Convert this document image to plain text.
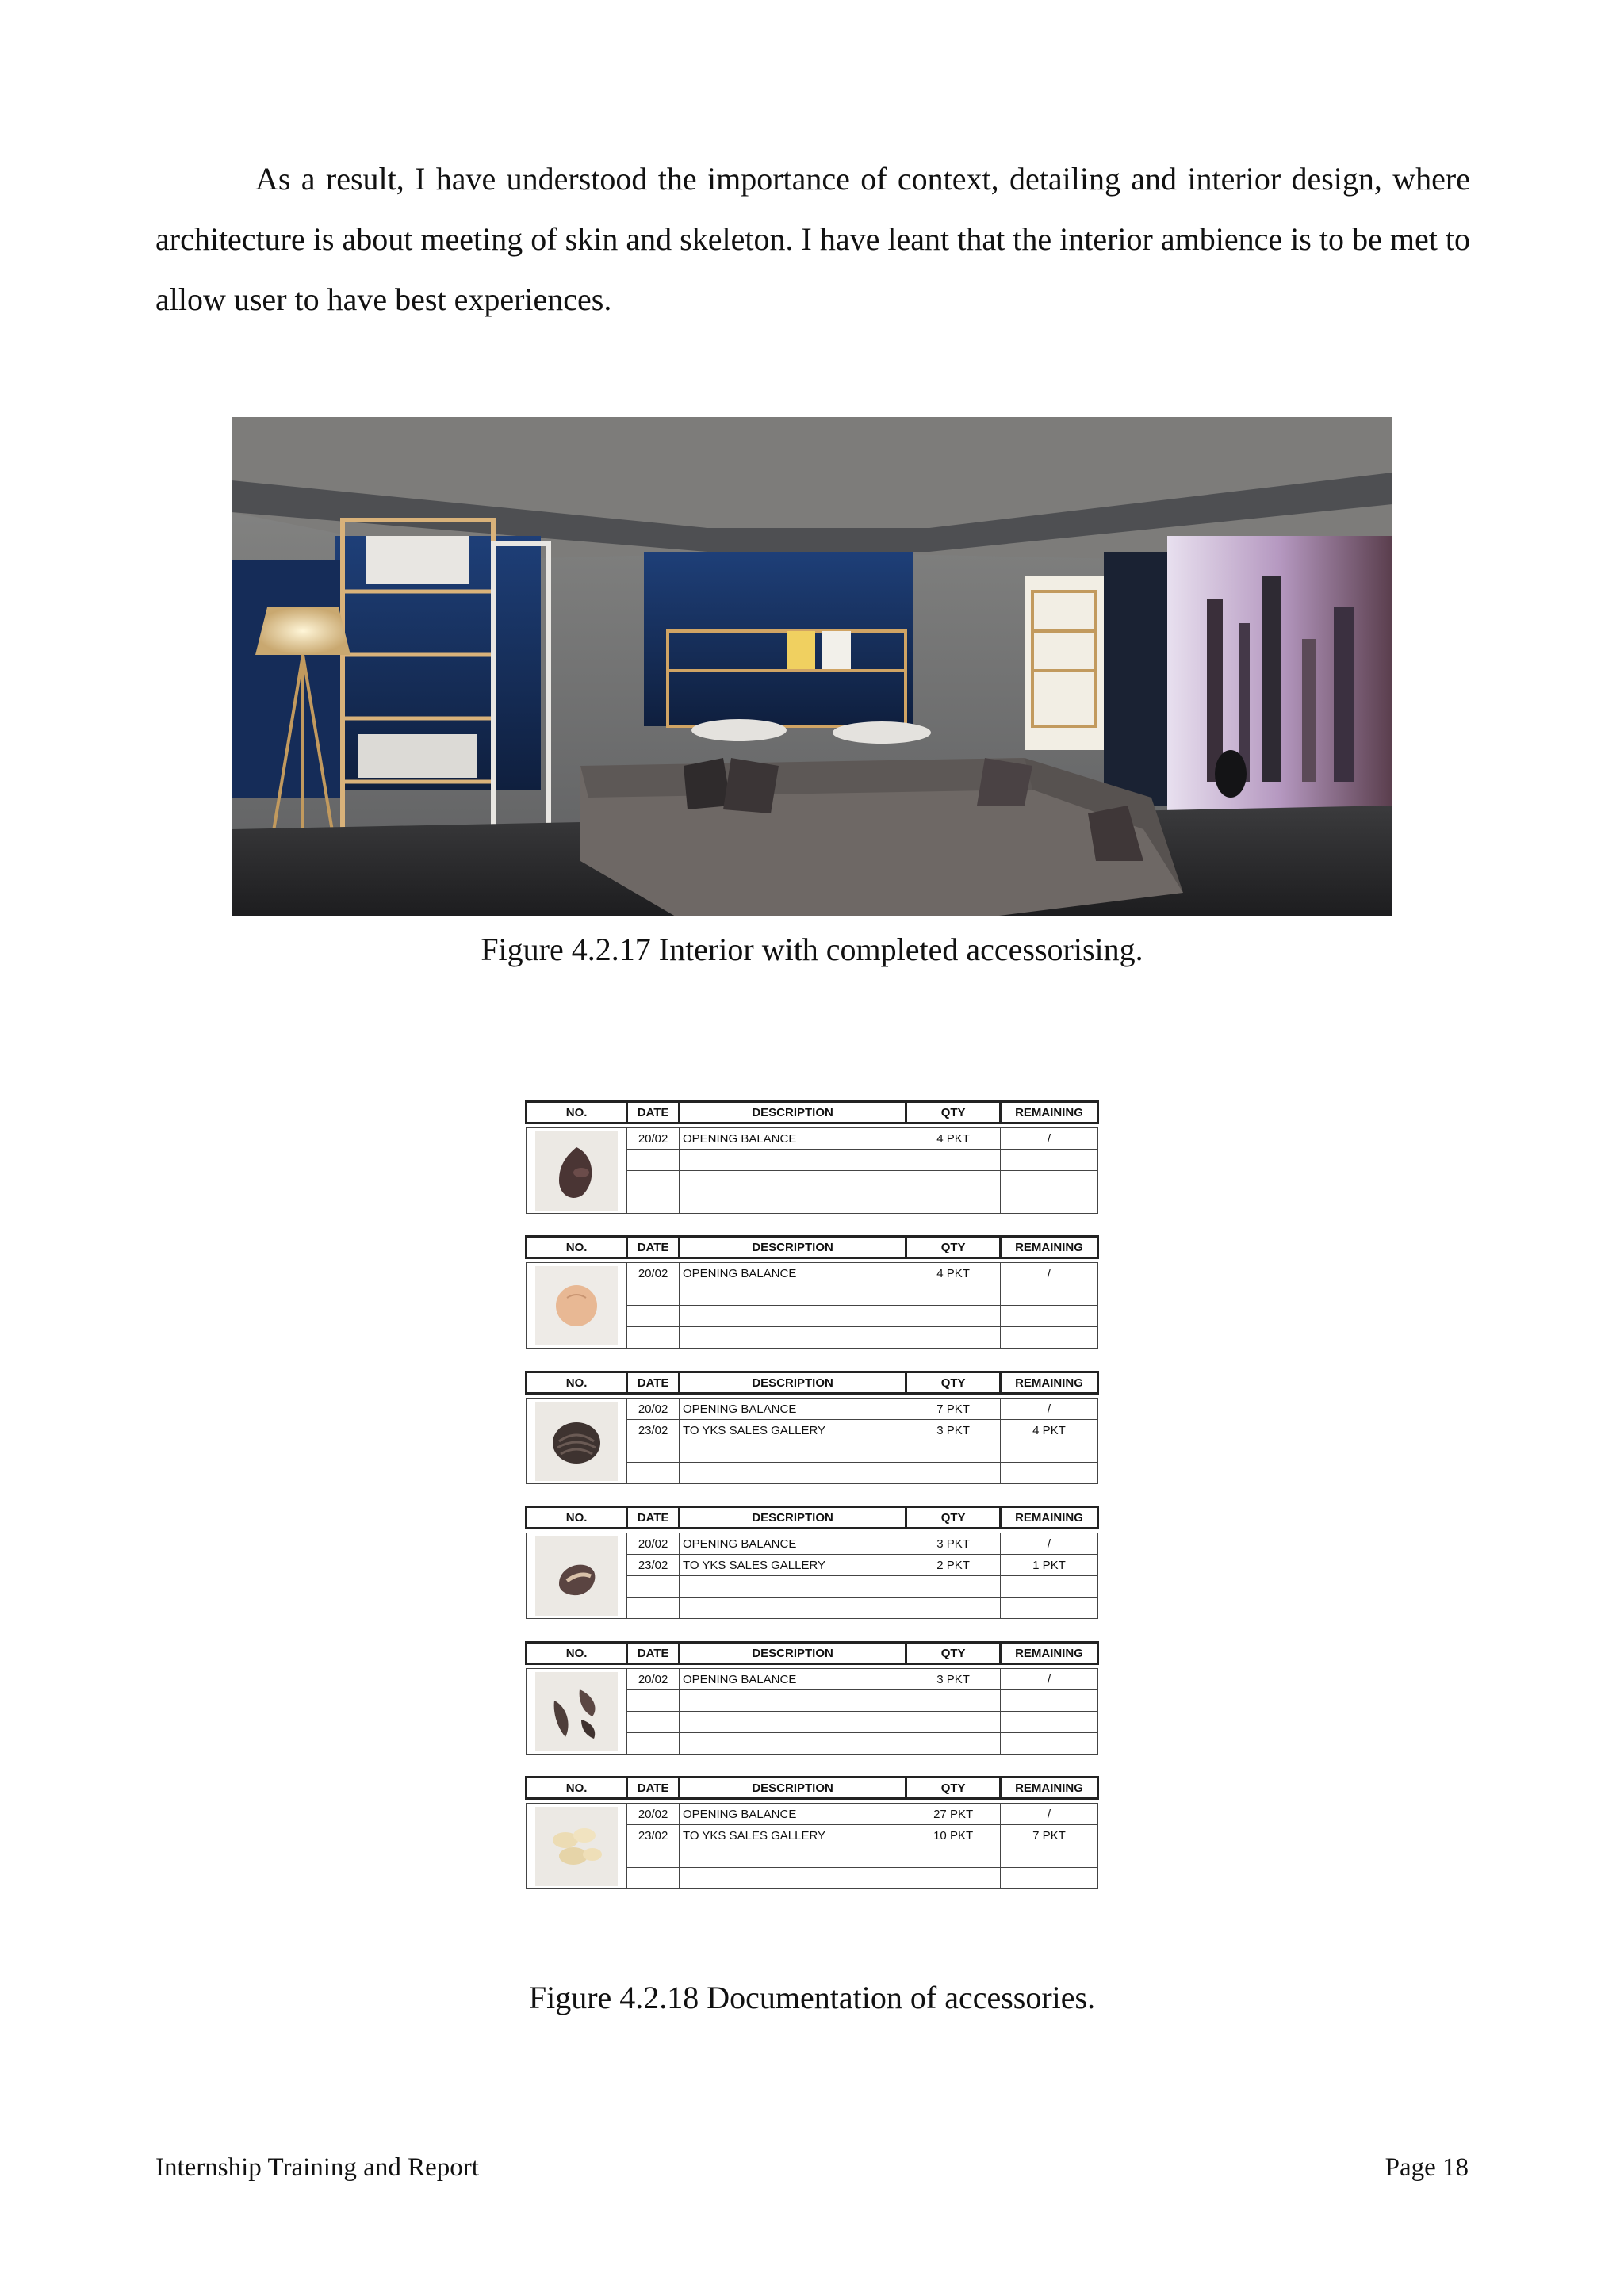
As a result, I have understood the importance of context, detailing and interior design, where architecture is about meeting of skin and skeleton. I have leant that the interior ambience is to be met to allow user to have best experiences.

Figure 4.2.17 Interior with completed accessorising.

NO.	DATE	DESCRIPTION	QTY	REMAINING

	20/02	OPENING BALANCE	4 PKT	/

NO.	DATE	DESCRIPTION	QTY	REMAINING

	20/02	OPENING BALANCE	4 PKT	/

NO.	DATE	DESCRIPTION	QTY	REMAINING

	20/02	OPENING BALANCE	7 PKT	/
	23/02	TO YKS SALES GALLERY	3 PKT	4 PKT

NO.	DATE	DESCRIPTION	QTY	REMAINING

	20/02	OPENING BALANCE	3 PKT	/
	23/02	TO YKS SALES GALLERY	2 PKT	1 PKT

NO.	DATE	DESCRIPTION	QTY	REMAINING

	20/02	OPENING BALANCE	3 PKT	/

NO.	DATE	DESCRIPTION	QTY	REMAINING

	20/02	OPENING BALANCE	27 PKT	/
	23/02	TO YKS SALES GALLERY	10 PKT	7 PKT

Figure 4.2.18 Documentation of accessories.

Internship Training and Report	Page 18
